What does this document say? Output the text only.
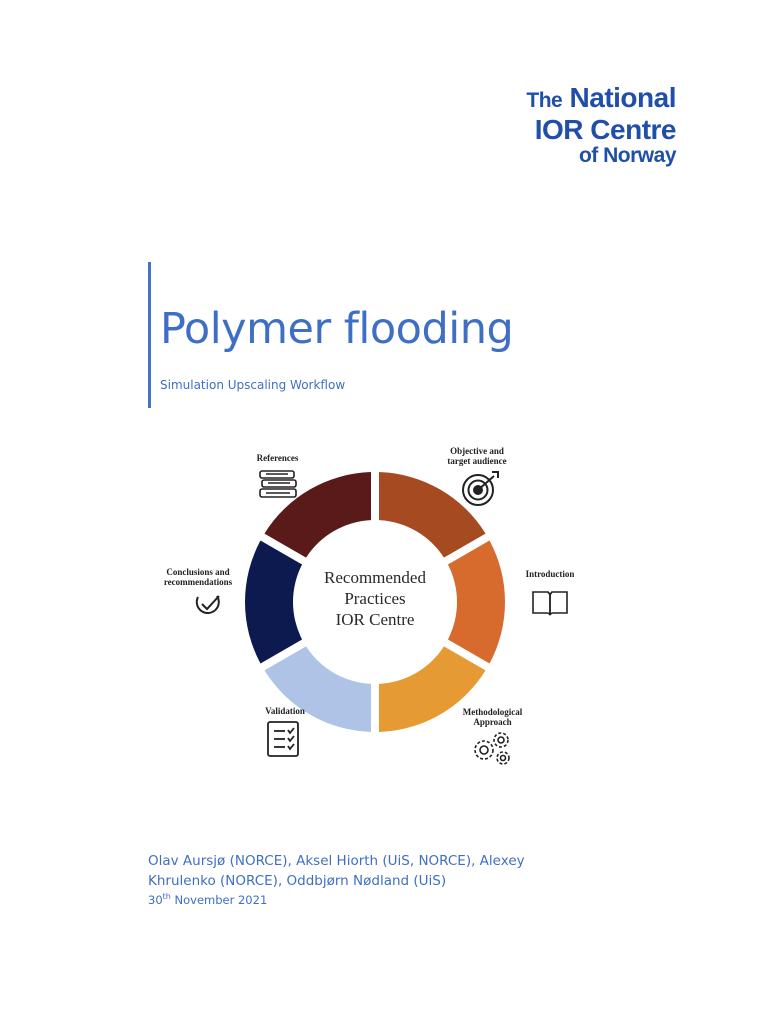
The National
IOR Centre
of Norway
Polymer flooding
Simulation Upscaling Workflow
Objective and
target audience
Introduction
Methodological
Approach
Validation
Conclusions and
recommendations
References
Recommended
Practices
IOR Centre
Olav Aursjø (NORCE), Aksel Hiorth (UiS, NORCE), Alexey
Khrulenko (NORCE), Oddbjørn Nødland (UiS)
30th November 2021
